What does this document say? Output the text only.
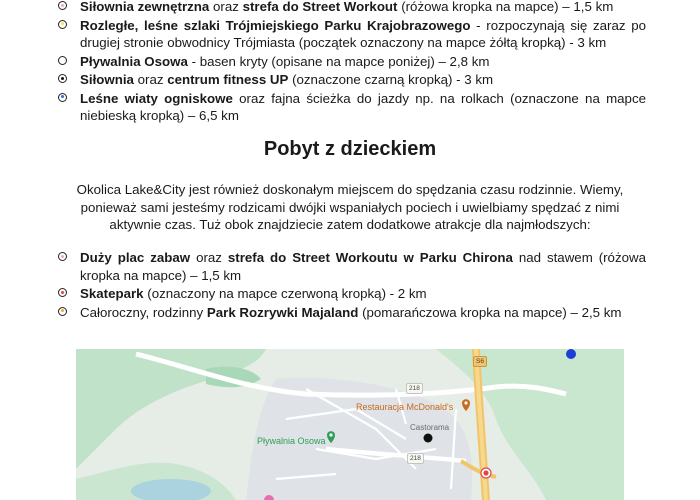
Siłownia zewnętrzna oraz strefa do Street Workout (różowa kropka na mapce) – 1,5 km
Rozległe, leśne szlaki Trójmiejskiego Parku Krajobrazowego - rozpoczynają się zaraz po drugiej stronie obwodnicy Trójmiasta (początek oznaczony na mapce żółtą kropką) - 3 km
Pływalnia Osowa - basen kryty (opisane na mapce poniżej) – 2,8 km
Siłownia oraz centrum fitness UP (oznaczone czarną kropką) - 3 km
Leśne wiaty ogniskowe oraz fajna ścieżka do jazdy np. na rolkach (oznaczone na mapce niebieską kropką) – 6,5 km
Pobyt z dzieckiem
Okolica Lake&City jest również doskonałym miejscem do spędzania czasu rodzinnie. Wiemy, ponieważ sami jesteśmy rodzicami dwójki wspaniałych pociech i uwielbiamy spędzać z nimi aktywnie czas. Tuż obok znajdziecie zatem dodatkowe atrakcje dla najmłodszych:
Duży plac zabaw oraz strefa do Street Workoutu w Parku Chirona nad stawem (różowa kropka na mapce) – 1,5 km
Skatepark (oznaczony na mapce czerwoną kropką) - 2 km
Całoroczny, rodzinny Park Rozrywki Majaland (pomarańczowa kropka na mapce) – 2,5 km
Restauracja McDonald's
Castorama
Pływalnia Osowa
218
218
S6
